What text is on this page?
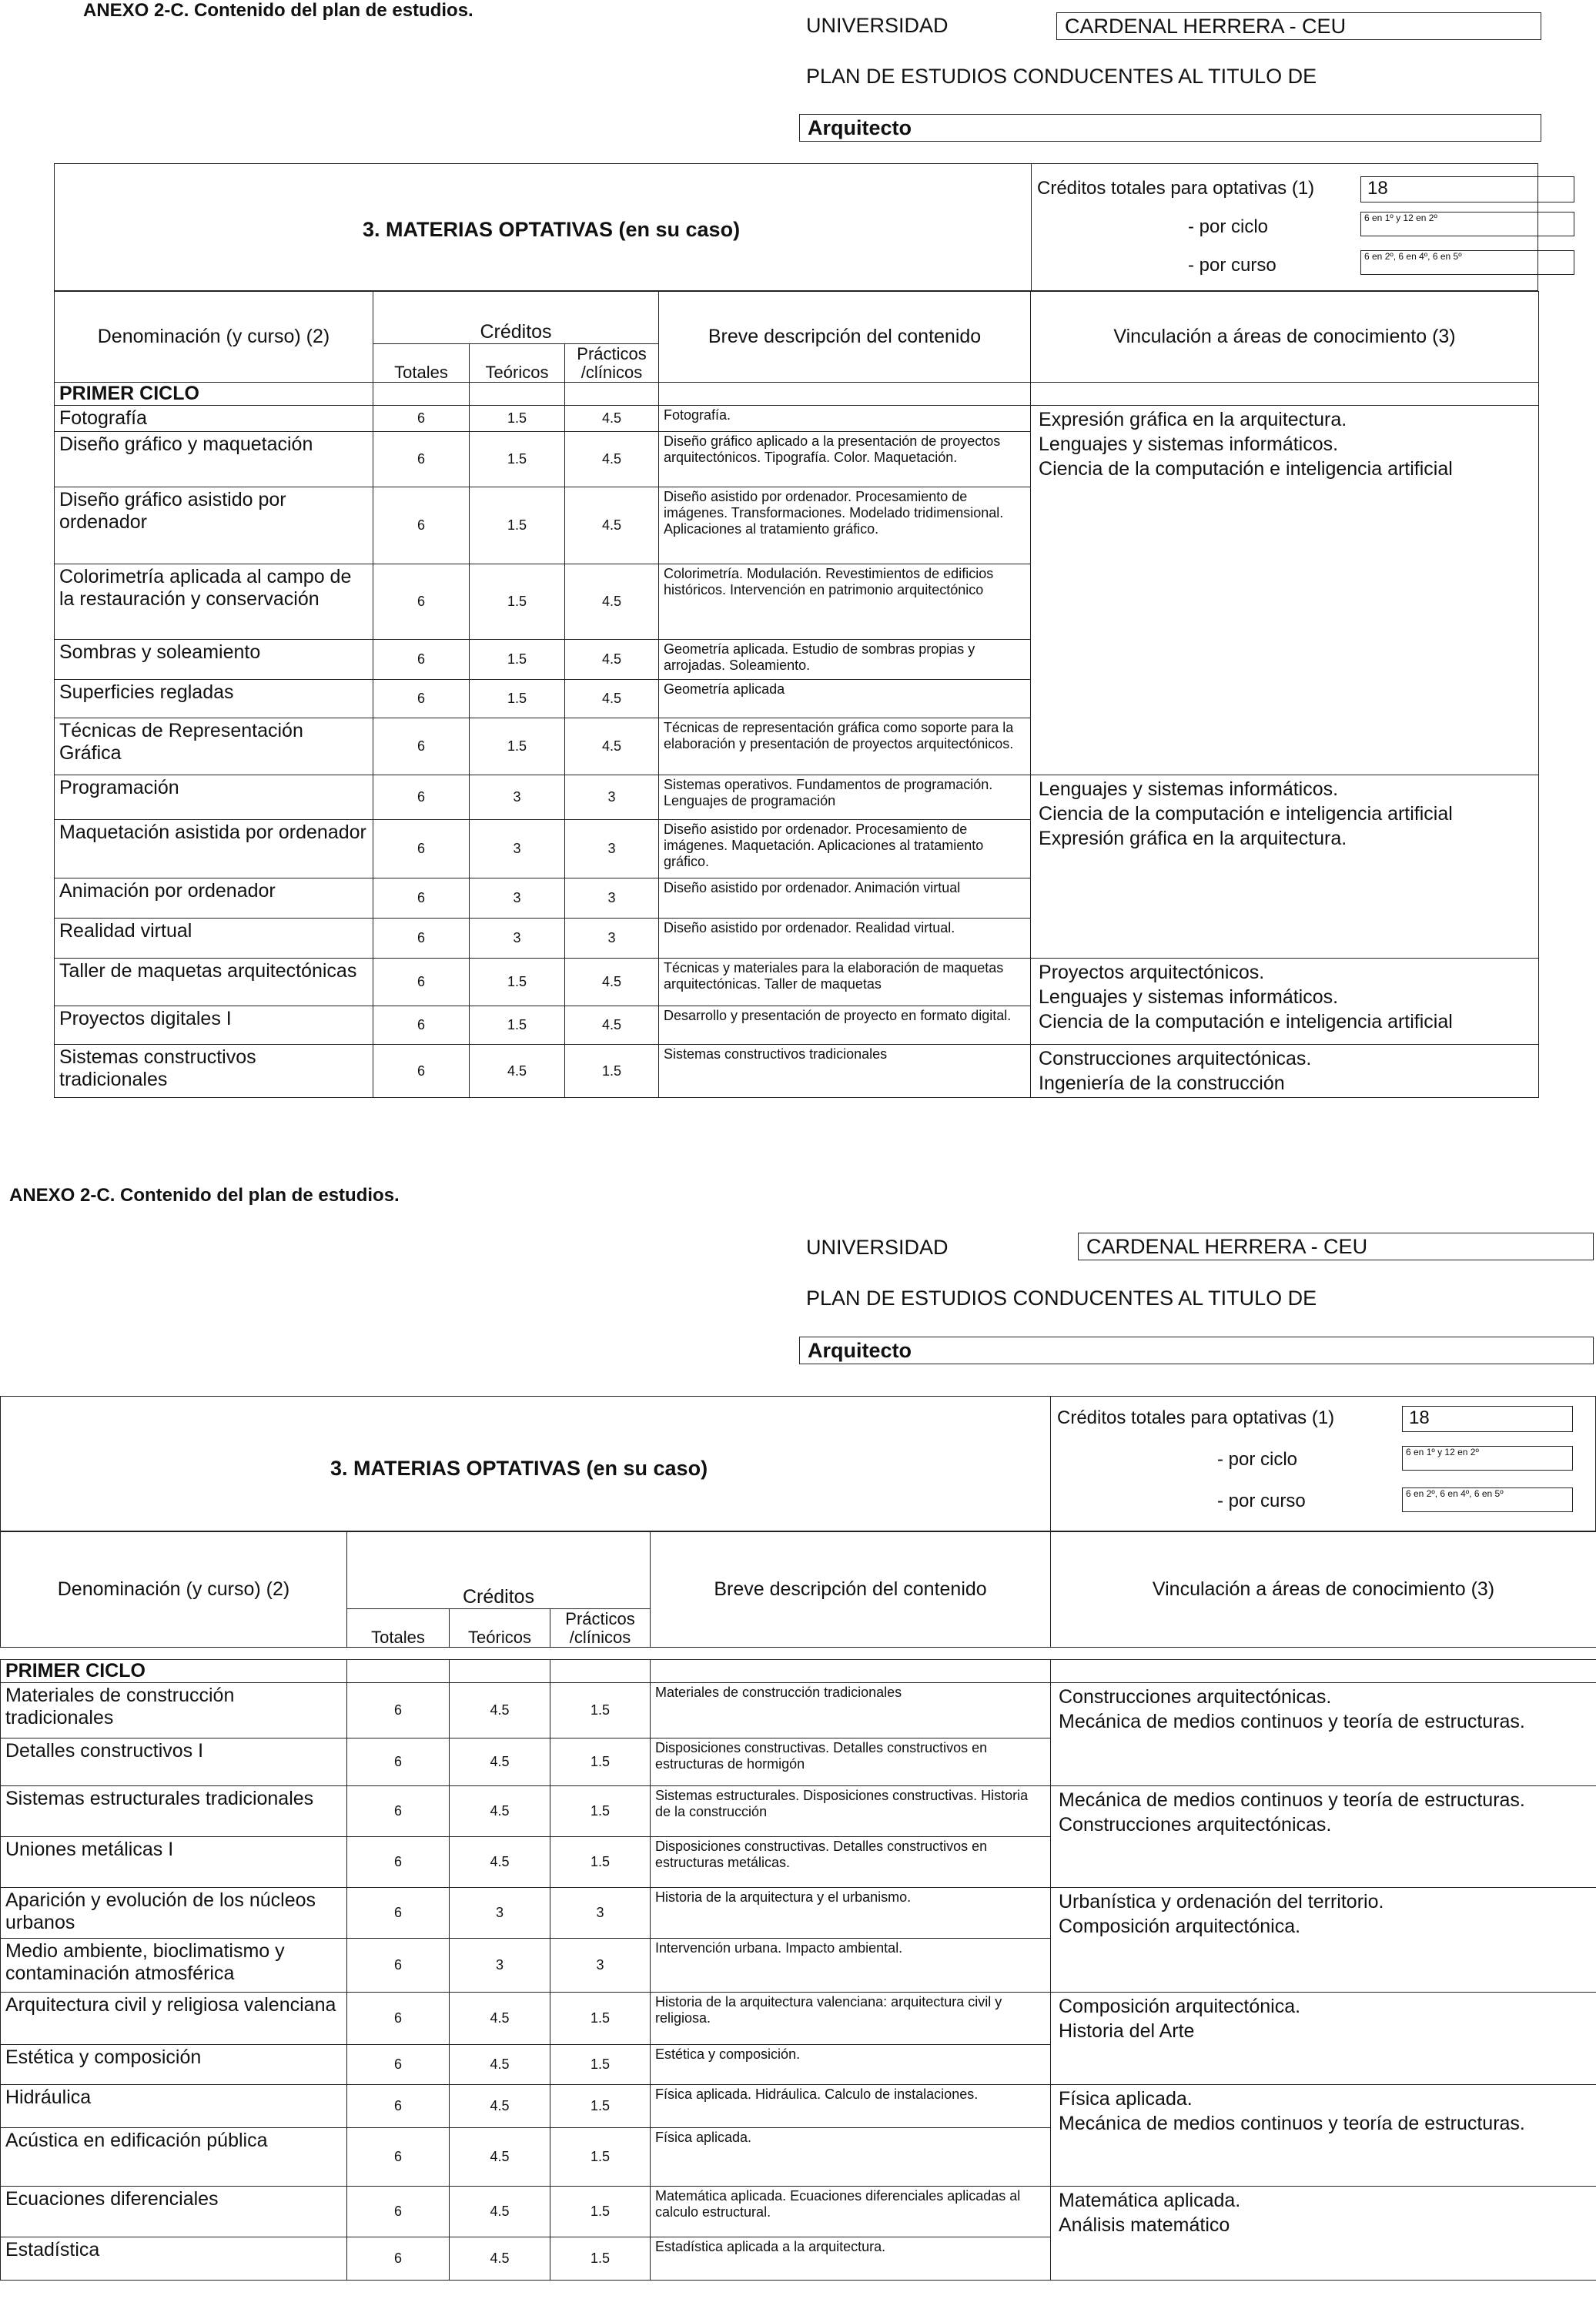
ANEXO 2-C. Contenido del plan de estudios.
UNIVERSIDAD	CARDENAL HERRERA - CEU
PLAN DE ESTUDIOS CONDUCENTES AL TITULO DE
Arquitecto
3. MATERIAS OPTATIVAS (en su caso)
Créditos totales para optativas (1)	18
- por ciclo	6 en 1º y 12 en 2º
- por curso	6 en 2º, 6 en 4º, 6 en 5º
Denominación (y curso) (2)	Créditos			Breve descripción del contenido	Vinculación a áreas de conocimiento (3)
	Totales	Teóricos	Prácticos /clínicos		
PRIMER CICLO					
Fotografía	6	1.5	4.5	Fotografía.	Expresión gráfica en la arquitectura.
Lenguajes y sistemas informáticos.
Ciencia de la computación e inteligencia artificial

Diseño gráfico y maquetación	6	1.5	4.5	Diseño gráfico aplicado a la presentación de proyectos arquitectónicos. Tipografía. Color. Maquetación.	
Diseño gráfico asistido por ordenador	6	1.5	4.5	Diseño asistido por ordenador. Procesamiento de imágenes. Transformaciones. Modelado tridimensional. Aplicaciones al tratamiento gráfico.	
Colorimetría aplicada al campo de la restauración y conservación	6	1.5	4.5	Colorimetría. Modulación. Revestimientos de edificios históricos. Intervención en patrimonio arquitectónico	
Sombras y soleamiento	6	1.5	4.5	Geometría aplicada. Estudio de sombras propias y arrojadas. Soleamiento.	
Superficies regladas	6	1.5	4.5	Geometría aplicada	
Técnicas de Representación Gráfica	6	1.5	4.5	Técnicas de representación gráfica como soporte para la elaboración y presentación de proyectos arquitectónicos.	
Programación	6	3	3	Sistemas operativos. Fundamentos de programación. Lenguajes de programación	Lenguajes y sistemas informáticos.
Ciencia de la computación e inteligencia artificial
Expresión gráfica en la arquitectura.

Maquetación asistida por ordenador	6	3	3	Diseño asistido por ordenador. Procesamiento de imágenes. Maquetación. Aplicaciones al tratamiento gráfico.	
Animación por ordenador	6	3	3	Diseño asistido por ordenador. Animación virtual	
Realidad virtual	6	3	3	Diseño asistido por ordenador. Realidad virtual.	
Taller de maquetas arquitectónicas	6	1.5	4.5	Técnicas y materiales para la elaboración de maquetas arquitectónicas. Taller de maquetas	Proyectos arquitectónicos.
Lenguajes y sistemas informáticos.
Ciencia de la computación e inteligencia artificial

Proyectos digitales I	6	1.5	4.5	Desarrollo y presentación de proyecto en formato digital.	
Sistemas constructivos tradicionales	6	4.5	1.5	Sistemas constructivos tradicionales	Construcciones arquitectónicas.
Ingeniería de la construcción
ANEXO 2-C. Contenido del plan de estudios.
UNIVERSIDAD	CARDENAL HERRERA - CEU
PLAN DE ESTUDIOS CONDUCENTES AL TITULO DE
Arquitecto
3. MATERIAS OPTATIVAS (en su caso)
Créditos totales para optativas (1)	18
- por ciclo	6 en 1º y 12 en 2º
- por curso	6 en 2º, 6 en 4º, 6 en 5º
Denominación (y curso) (2)	Créditos			Breve descripción del contenido	Vinculación a áreas de conocimiento (3)
	Totales	Teóricos	Prácticos /clínicos		
PRIMER CICLO					
Materiales de construcción tradicionales	6	4.5	1.5	Materiales de construcción tradicionales	Construcciones arquitectónicas.
Mecánica de medios continuos y teoría de estructuras.

Detalles constructivos I	6	4.5	1.5	Disposiciones constructivas. Detalles constructivos en estructuras de hormigón	
Sistemas estructurales tradicionales	6	4.5	1.5	Sistemas estructurales. Disposiciones constructivas. Historia de la construcción	Mecánica de medios continuos y teoría de estructuras.
Construcciones arquitectónicas.

Uniones metálicas I	6	4.5	1.5	Disposiciones constructivas. Detalles constructivos en estructuras metálicas.	
Aparición y evolución de los núcleos urbanos	6	3	3	Historia de la arquitectura y el urbanismo.	Urbanística y ordenación del territorio.
Composición arquitectónica.

Medio ambiente, bioclimatismo y contaminación atmosférica	6	3	3	Intervención urbana. Impacto ambiental.	
Arquitectura civil y religiosa valenciana	6	4.5	1.5	Historia de la arquitectura valenciana: arquitectura civil y religiosa.	Composición arquitectónica.
Historia del Arte

Estética y composición	6	4.5	1.5	Estética y composición.	
Hidráulica	6	4.5	1.5	Física aplicada. Hidráulica. Calculo de instalaciones.	Física aplicada.
Mecánica de medios continuos y teoría de estructuras.

Acústica en edificación pública	6	4.5	1.5	Física aplicada.	
Ecuaciones diferenciales	6	4.5	1.5	Matemática aplicada. Ecuaciones diferenciales aplicadas al calculo estructural.	Matemática aplicada.
Análisis matemático

Estadística	6	4.5	1.5	Estadística aplicada a la arquitectura.	
